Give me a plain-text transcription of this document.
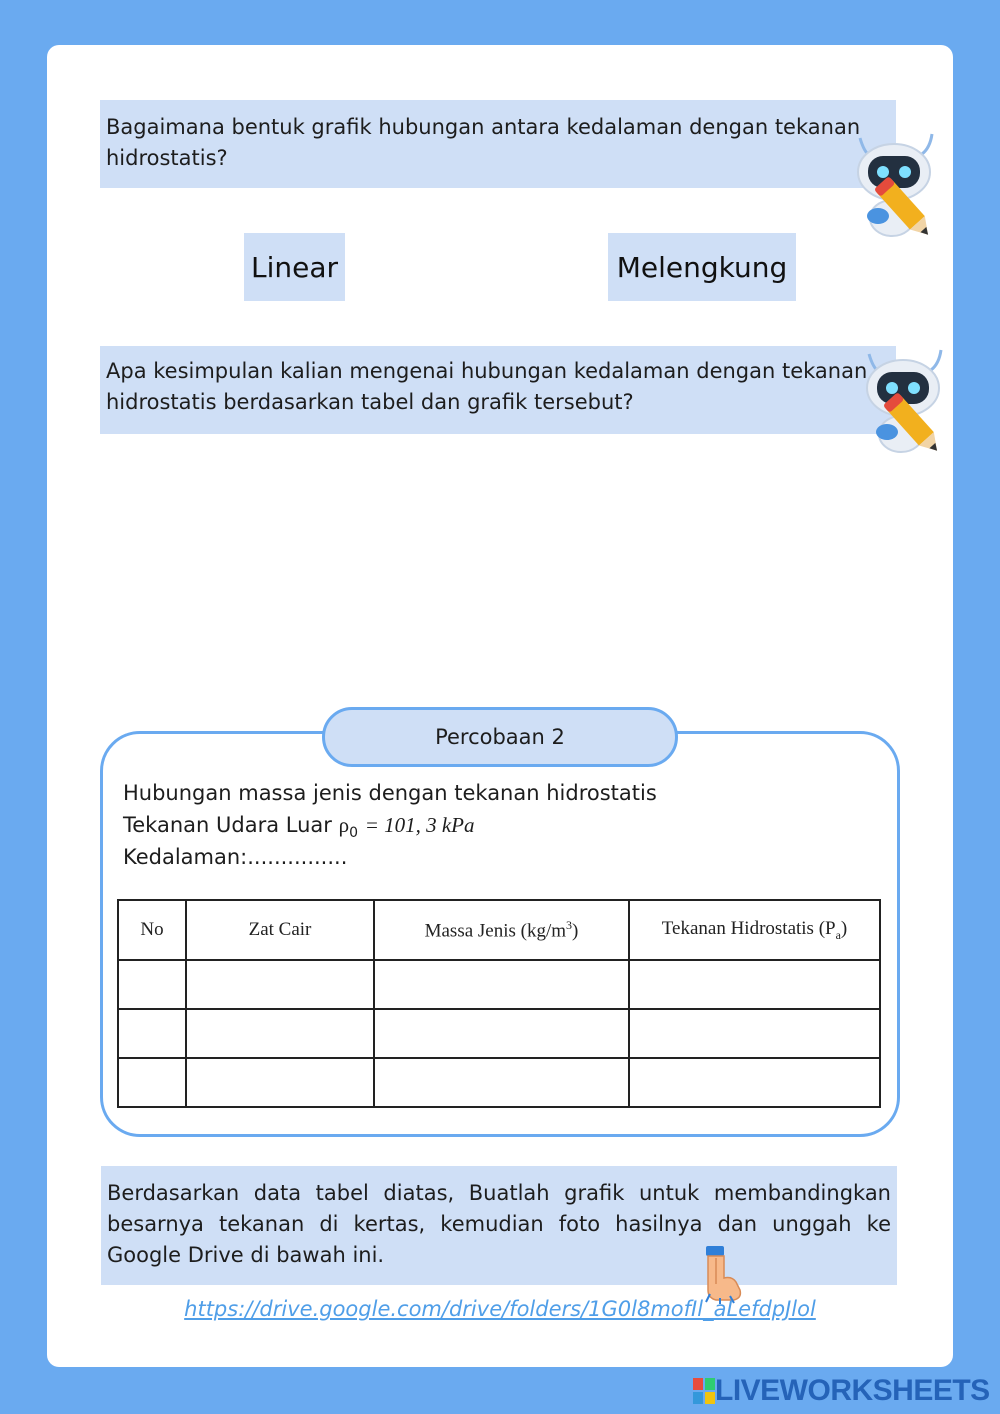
Bagaimana bentuk grafik hubungan antara kedalaman dengan tekanan hidrostatis?
Linear	Melengkung
Apa kesimpulan kalian mengenai hubungan kedalaman dengan tekanan hidrostatis berdasarkan tabel dan grafik tersebut?
Percobaan 2
Hubungan massa jenis dengan tekanan hidrostatis
Tekanan Udara Luar $\rho_0 = 101$, 3 kPa
Kedalaman:...............
No	Zat Cair	Massa Jenis $(kg/m^3)$	Tekanan Hidrostatis $(P_a)$

Berdasarkan data tabel diatas, Buatlah grafik untuk membandingkan besarnya tekanan di kertas, kemudian foto hasilnya dan unggah ke Google Drive di bawah ini.
https://drive.google.com/drive/folders/1G0l8mofIl_aLefdpJlol
LIVEWORKSHEETS
